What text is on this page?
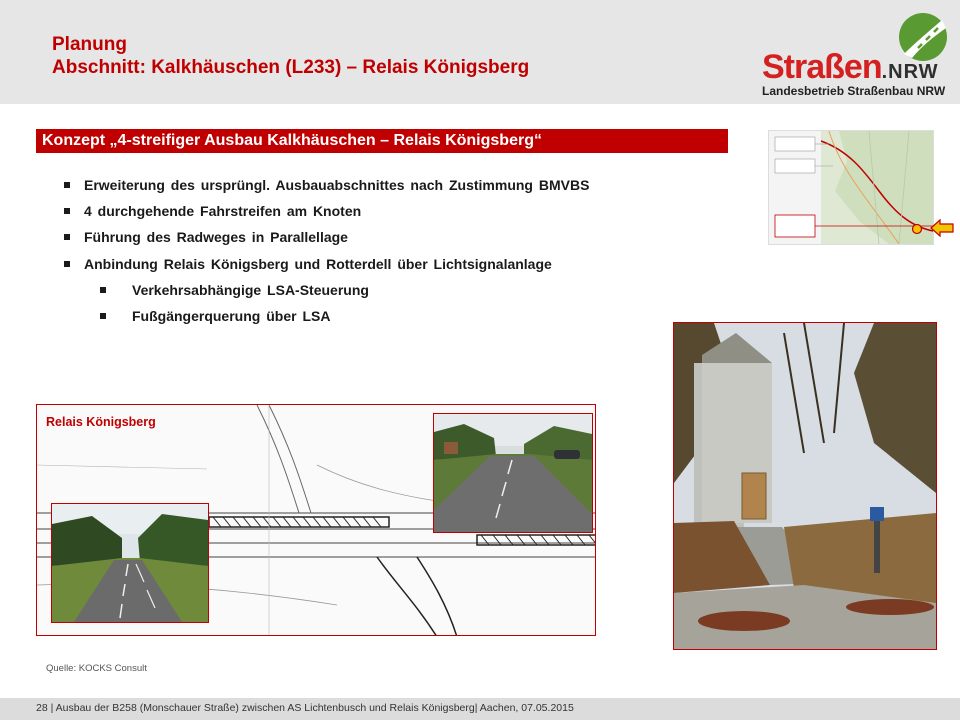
Planung
Abschnitt: Kalkhäuschen (L233) – Relais Königsberg	Straßen.NRW
Landesbetrieb Straßenbau NRW
Konzept „4-streifiger Ausbau Kalkhäuschen – Relais Königsberg“
Erweiterung des ursprüngl. Ausbauabschnittes nach Zustimmung BMVBS
4 durchgehende Fahrstreifen am Knoten
Führung des Radweges in Parallellage
Anbindung Relais Königsberg und Rotterdell über Lichtsignalanlage
Verkehrsabhängige LSA-Steuerung
Fußgängerquerung über LSA
Relais Königsberg
Quelle: KOCKS Consult
28 | Ausbau der B258 (Monschauer Straße) zwischen AS Lichtenbusch und Relais Königsberg| Aachen, 07.05.2015
